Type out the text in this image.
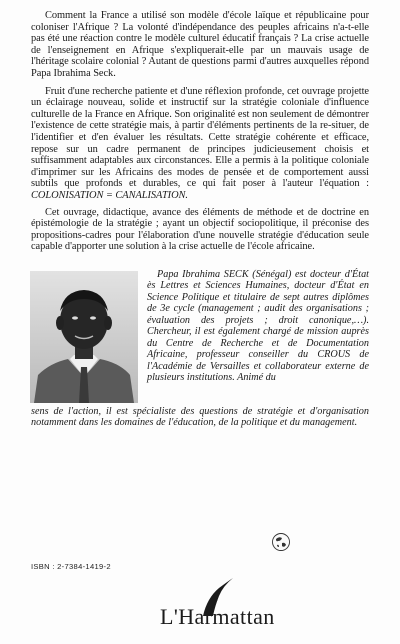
Comment la France a utilisé son modèle d'école laïque et républicaine pour coloniser l'Afrique ? La volonté d'indépendance des peuples africains n'a-t-elle pas été une réaction contre le modèle culturel éducatif français ? La crise actuelle de l'enseignement en Afrique s'expliquerait-elle par un mauvais usage de l'héritage scolaire colonial ? Autant de questions parmi d'autres auxquelles répond Papa Ibrahima Seck.

Fruit d'une recherche patiente et d'une réflexion profonde, cet ouvrage projette un éclairage nouveau, solide et instructif sur la stratégie coloniale d'influence culturelle de la France en Afrique. Son originalité est non seulement de démontrer l'existence de cette stratégie mais, à partir d'éléments pertinents de la re-situer, de l'identifier et d'en évaluer les résultats. Cette stratégie cohérente et efficace, repose sur un cadre permanent de principes judicieusement choisis et suffisamment adaptables aux circonstances. Elle a permis à la politique coloniale d'imprimer sur les Africains des modes de pensée et de comportement aussi subtils que profonds et durables, ce qui fait poser à l'auteur l'équation : COLONISATION = CANALISATION.

Cet ouvrage, didactique, avance des éléments de méthode et de doctrine en épistémologie de la stratégie ; ayant un objectif sociopolitique, il préconise des propositions-cadres pour l'élaboration d'une nouvelle stratégie d'éducation seule capable d'apporter une solution à la crise actuelle de l'école africaine.

Papa Ibrahima SECK (Sénégal) est docteur d'État ès Lettres et Sciences Humaines, docteur d'État en Science Politique et titulaire de sept autres diplômes de 3e cycle (management ; audit des organisations ; évaluation des projets ; droit canonique,…). Chercheur, il est également chargé de mission auprès du Centre de Recherche et de Documentation Africaine, professeur conseiller du CROUS de l'Académie de Versailles et collaborateur externe de plusieurs institutions. Animé du

sens de l'action, il est spécialiste des questions de stratégie et d'organisation notamment dans les domaines de l'éducation, de la politique et du management.

ISBN : 2-7384-1419-2
L'Harmattan
